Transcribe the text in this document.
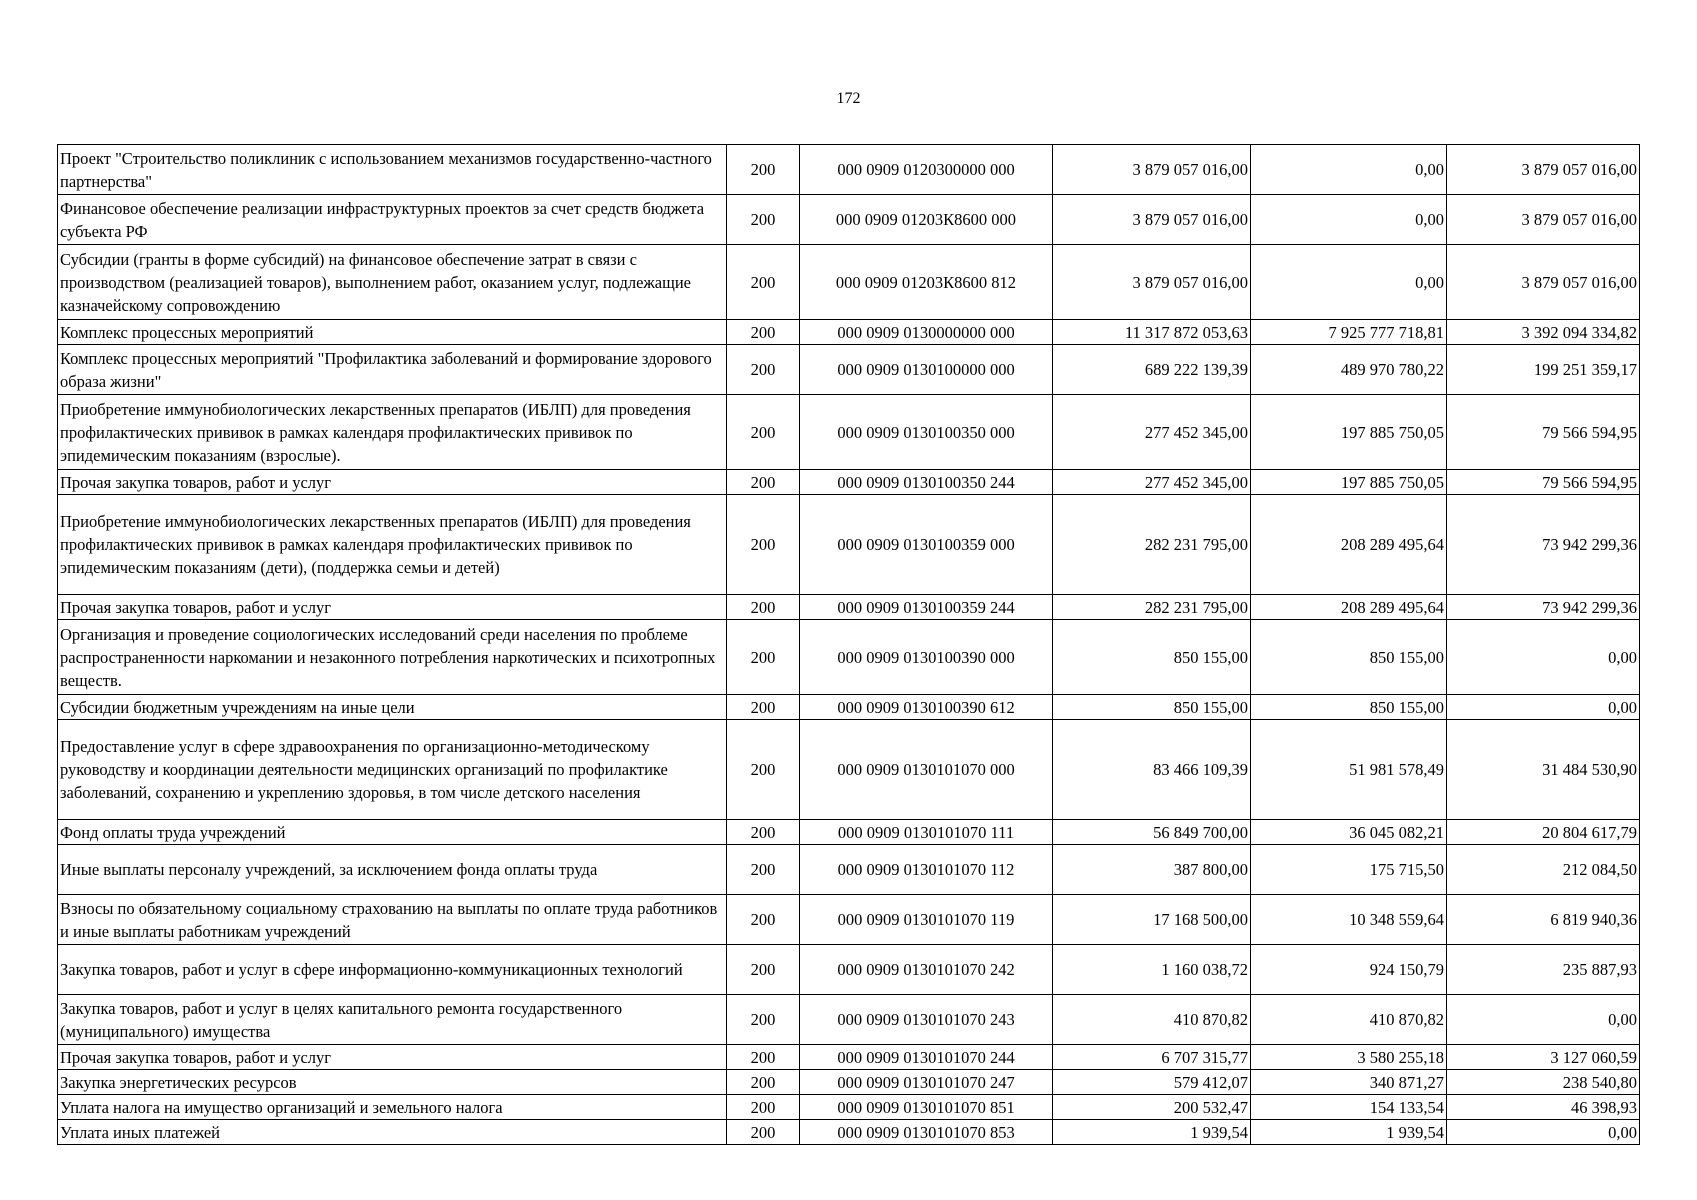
172
Проект "Строительство поликлиник с использованием механизмов государственно-частного партнерства"	200	000 0909 0120300000 000	3 879 057 016,00	0,00	3 879 057 016,00
Финансовое обеспечение реализации инфраструктурных проектов за счет средств бюджета субъекта РФ	200	000 0909 01203К8600 000	3 879 057 016,00	0,00	3 879 057 016,00
Субсидии (гранты в форме субсидий) на финансовое обеспечение затрат в связи с производством (реализацией товаров), выполнением работ, оказанием услуг, подлежащие казначейскому сопровождению	200	000 0909 01203К8600 812	3 879 057 016,00	0,00	3 879 057 016,00
Комплекс процессных мероприятий	200	000 0909 0130000000 000	11 317 872 053,63	7 925 777 718,81	3 392 094 334,82
Комплекс процессных мероприятий "Профилактика заболеваний и формирование здорового образа жизни"	200	000 0909 0130100000 000	689 222 139,39	489 970 780,22	199 251 359,17
Приобретение иммунобиологических лекарственных препаратов (ИБЛП) для проведения профилактических прививок в рамках календаря профилактических прививок по эпидемическим показаниям (взрослые).	200	000 0909 0130100350 000	277 452 345,00	197 885 750,05	79 566 594,95
Прочая закупка товаров, работ и услуг	200	000 0909 0130100350 244	277 452 345,00	197 885 750,05	79 566 594,95
Приобретение иммунобиологических лекарственных препаратов (ИБЛП) для проведения профилактических прививок в рамках календаря профилактических прививок по эпидемическим показаниям (дети), (поддержка семьи и детей)	200	000 0909 0130100359 000	282 231 795,00	208 289 495,64	73 942 299,36
Прочая закупка товаров, работ и услуг	200	000 0909 0130100359 244	282 231 795,00	208 289 495,64	73 942 299,36
Организация и проведение социологических исследований среди населения по проблеме распространенности наркомании и незаконного потребления наркотических и психотропных веществ.	200	000 0909 0130100390 000	850 155,00	850 155,00	0,00
Субсидии бюджетным учреждениям на иные цели	200	000 0909 0130100390 612	850 155,00	850 155,00	0,00
Предоставление услуг в сфере здравоохранения по организационно-методическому руководству и координации деятельности медицинских организаций по профилактике заболеваний, сохранению и укреплению здоровья, в том числе детского населения	200	000 0909 0130101070 000	83 466 109,39	51 981 578,49	31 484 530,90
Фонд оплаты труда учреждений	200	000 0909 0130101070 111	56 849 700,00	36 045 082,21	20 804 617,79
Иные выплаты персоналу учреждений, за исключением фонда оплаты труда	200	000 0909 0130101070 112	387 800,00	175 715,50	212 084,50
Взносы по обязательному социальному страхованию на выплаты по оплате труда работников и иные выплаты работникам учреждений	200	000 0909 0130101070 119	17 168 500,00	10 348 559,64	6 819 940,36
Закупка товаров, работ и услуг в сфере информационно-коммуникационных технологий	200	000 0909 0130101070 242	1 160 038,72	924 150,79	235 887,93
Закупка товаров, работ и услуг в целях капитального ремонта государственного (муниципального) имущества	200	000 0909 0130101070 243	410 870,82	410 870,82	0,00
Прочая закупка товаров, работ и услуг	200	000 0909 0130101070 244	6 707 315,77	3 580 255,18	3 127 060,59
Закупка энергетических ресурсов	200	000 0909 0130101070 247	579 412,07	340 871,27	238 540,80
Уплата налога на имущество организаций и земельного налога	200	000 0909 0130101070 851	200 532,47	154 133,54	46 398,93
Уплата иных платежей	200	000 0909 0130101070 853	1 939,54	1 939,54	0,00
